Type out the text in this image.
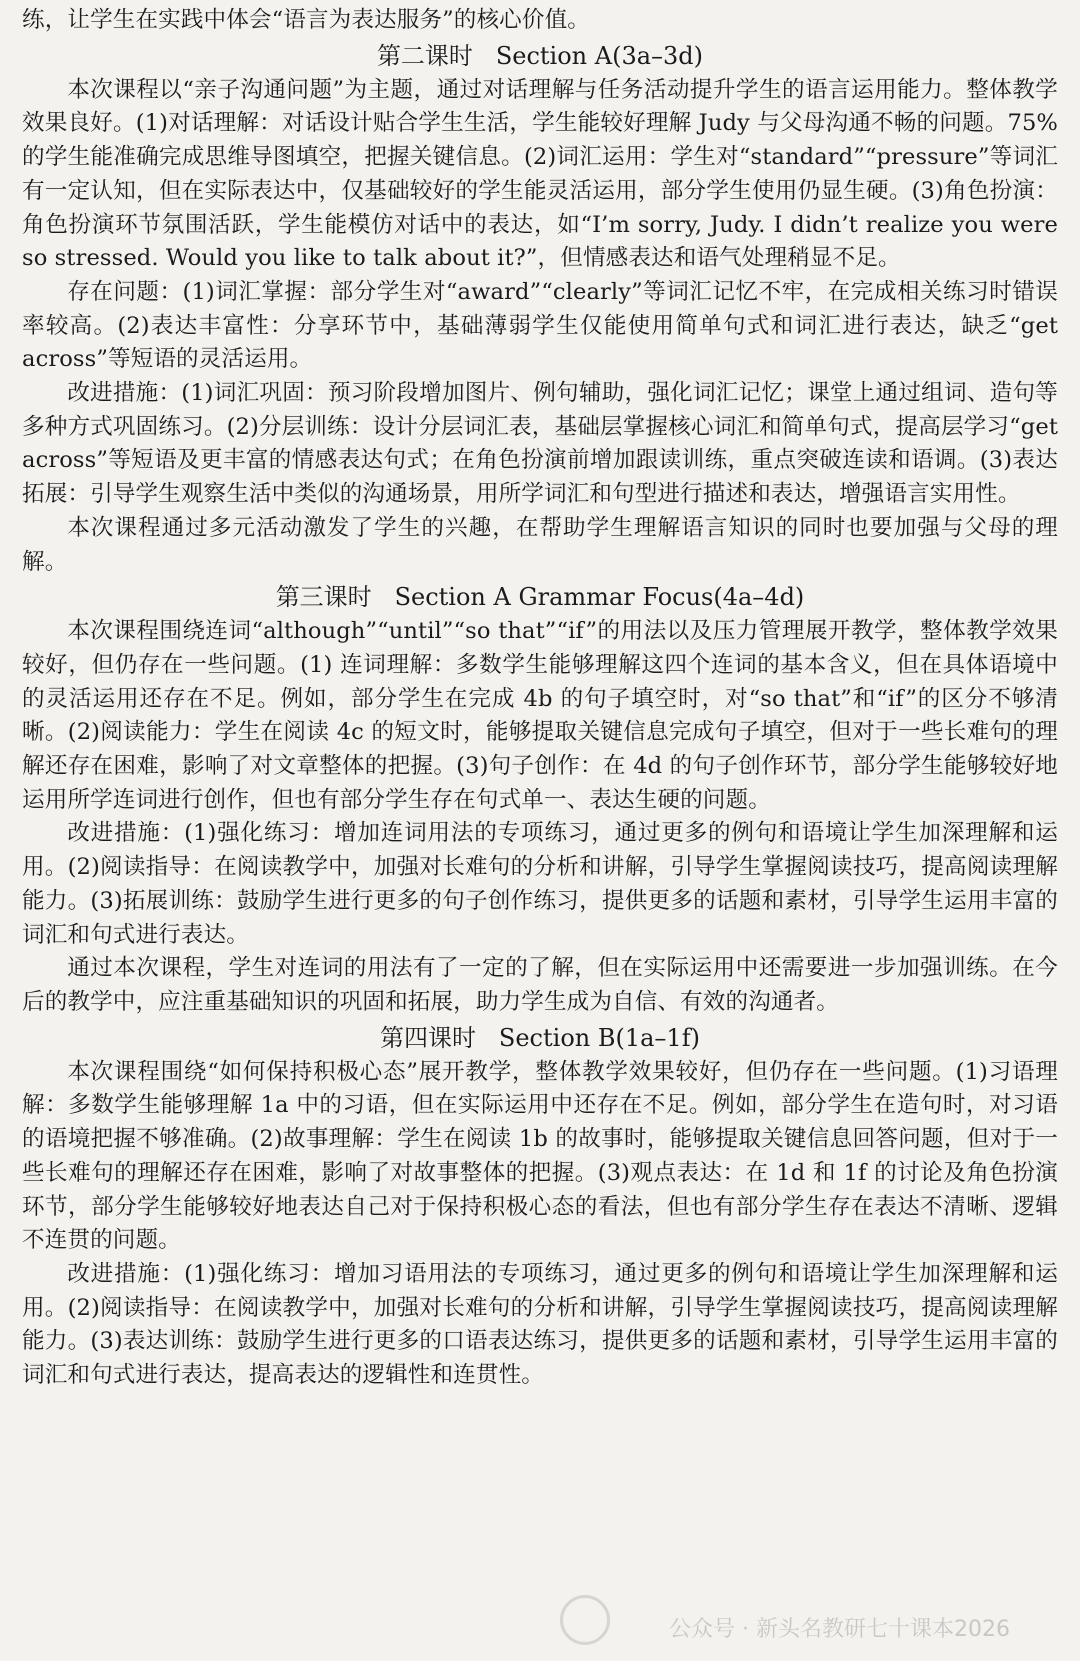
练，让学生在实践中体会“语言为表达服务”的核心价值。

第二课时   Section A(3a–3d)

本次课程以“亲子沟通问题”为主题，通过对话理解与任务活动提升学生的语言运用能力。整体教学效果良好。(1)对话理解：对话设计贴合学生生活，学生能较好理解 Judy 与父母沟通不畅的问题。75% 的学生能准确完成思维导图填空，把握关键信息。(2)词汇运用：学生对“standard”“pressure”等词汇有一定认知，但在实际表达中，仅基础较好的学生能灵活运用，部分学生使用仍显生硬。(3)角色扮演：角色扮演环节氛围活跃，学生能模仿对话中的表达，如“I’m sorry, Judy. I didn’t realize you were so stressed. Would you like to talk about it?”，但情感表达和语气处理稍显不足。

存在问题：(1)词汇掌握：部分学生对“award”“clearly”等词汇记忆不牢，在完成相关练习时错误率较高。(2)表达丰富性：分享环节中，基础薄弱学生仅能使用简单句式和词汇进行表达，缺乏“get across”等短语的灵活运用。

改进措施：(1)词汇巩固：预习阶段增加图片、例句辅助，强化词汇记忆；课堂上通过组词、造句等多种方式巩固练习。(2)分层训练：设计分层词汇表，基础层掌握核心词汇和简单句式，提高层学习“get across”等短语及更丰富的情感表达句式；在角色扮演前增加跟读训练，重点突破连读和语调。(3)表达拓展：引导学生观察生活中类似的沟通场景，用所学词汇和句型进行描述和表达，增强语言实用性。

本次课程通过多元活动激发了学生的兴趣，在帮助学生理解语言知识的同时也要加强与父母的理解。

第三课时   Section A Grammar Focus(4a–4d)

本次课程围绕连词“although”“until”“so that”“if”的用法以及压力管理展开教学，整体教学效果较好，但仍存在一些问题。(1) 连词理解：多数学生能够理解这四个连词的基本含义，但在具体语境中的灵活运用还存在不足。例如，部分学生在完成 4b 的句子填空时，对“so that”和“if”的区分不够清晰。(2)阅读能力：学生在阅读 4c 的短文时，能够提取关键信息完成句子填空，但对于一些长难句的理解还存在困难，影响了对文章整体的把握。(3)句子创作：在 4d 的句子创作环节，部分学生能够较好地运用所学连词进行创作，但也有部分学生存在句式单一、表达生硬的问题。

改进措施：(1)强化练习：增加连词用法的专项练习，通过更多的例句和语境让学生加深理解和运用。(2)阅读指导：在阅读教学中，加强对长难句的分析和讲解，引导学生掌握阅读技巧，提高阅读理解能力。(3)拓展训练：鼓励学生进行更多的句子创作练习，提供更多的话题和素材，引导学生运用丰富的词汇和句式进行表达。

通过本次课程，学生对连词的用法有了一定的了解，但在实际运用中还需要进一步加强训练。在今后的教学中，应注重基础知识的巩固和拓展，助力学生成为自信、有效的沟通者。

第四课时   Section B(1a–1f)

本次课程围绕“如何保持积极心态”展开教学，整体教学效果较好，但仍存在一些问题。(1)习语理解：多数学生能够理解 1a 中的习语，但在实际运用中还存在不足。例如，部分学生在造句时，对习语的语境把握不够准确。(2)故事理解：学生在阅读 1b 的故事时，能够提取关键信息回答问题，但对于一些长难句的理解还存在困难，影响了对故事整体的把握。(3)观点表达：在 1d 和 1f 的讨论及角色扮演环节，部分学生能够较好地表达自己对于保持积极心态的看法，但也有部分学生存在表达不清晰、逻辑不连贯的问题。

改进措施：(1)强化练习：增加习语用法的专项练习，通过更多的例句和语境让学生加深理解和运用。(2)阅读指导：在阅读教学中，加强对长难句的分析和讲解，引导学生掌握阅读技巧，提高阅读理解能力。(3)表达训练：鼓励学生进行更多的口语表达练习，提供更多的话题和素材，引导学生运用丰富的词汇和句式进行表达，提高表达的逻辑性和连贯性。

公众号 · 新头名教研七十课本2026
